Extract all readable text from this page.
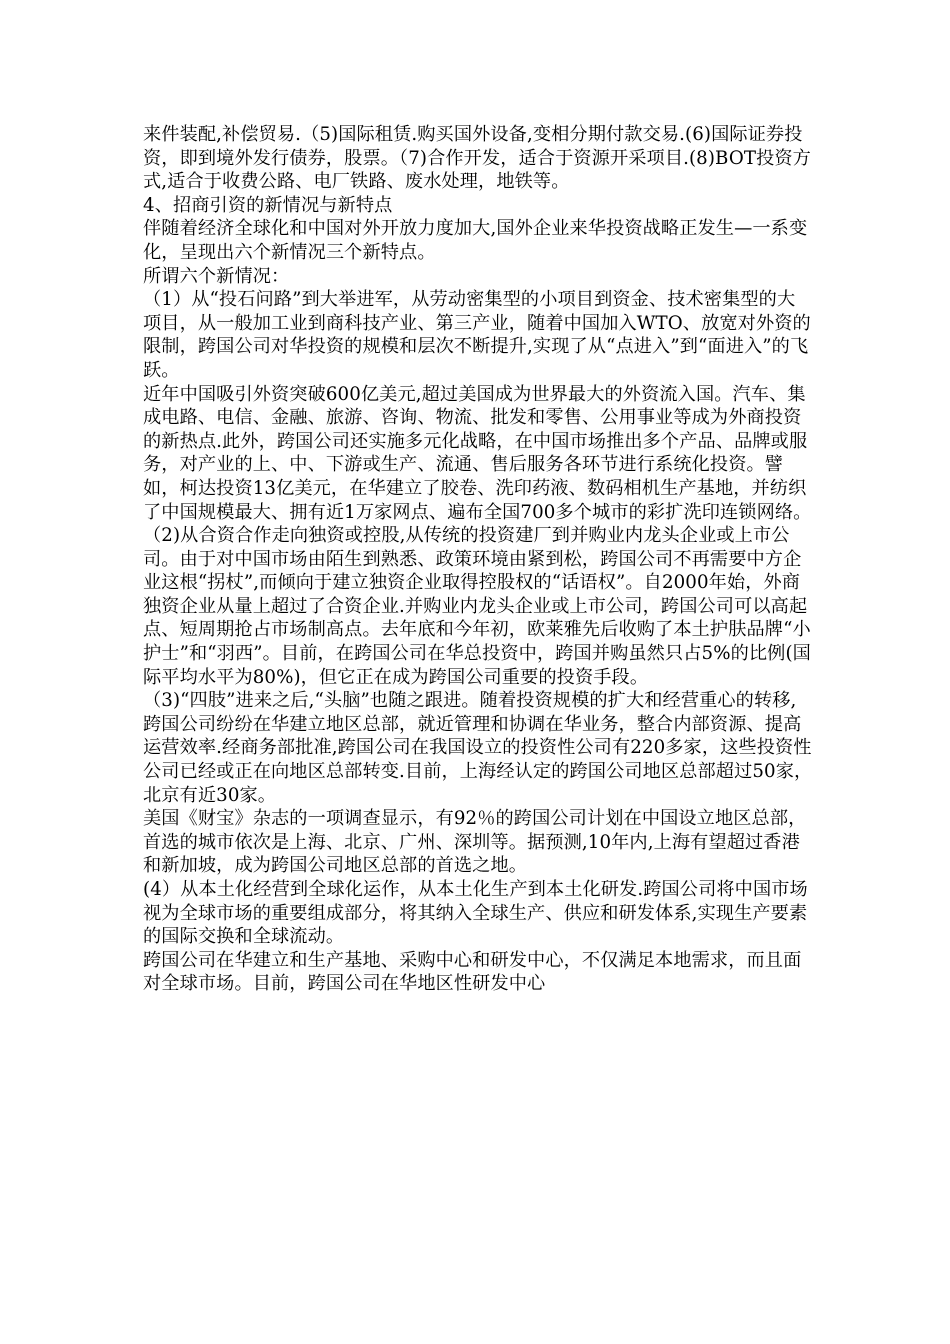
来件装配,补偿贸易.（5)国际租赁.购买国外设备,变相分期付款交易.(6)国际证券投资，即到境外发行债券，股票。（7)合作开发，适合于资源开采项目.(8)BOT投资方式,适合于收费公路、电厂铁路、废水处理，地铁等。

4、招商引资的新情况与新特点

伴随着经济全球化和中国对外开放力度加大,国外企业来华投资战略正发生—一系变化，呈现出六个新情况三个新特点。

所谓六个新情况：

（1）从“投石问路”到大举进军，从劳动密集型的小项目到资金、技术密集型的大项目，从一般加工业到商科技产业、第三产业，随着中国加入WTO、放宽对外资的限制，跨国公司对华投资的规模和层次不断提升,实现了从“点进入”到“面进入”的飞跃。

近年中国吸引外资突破600亿美元,超过美国成为世界最大的外资流入国。汽车、集成电路、电信、金融、旅游、咨询、物流、批发和零售、公用事业等成为外商投资的新热点.此外，跨国公司还实施多元化战略，在中国市场推出多个产品、品牌或服务，对产业的上、中、下游或生产、流通、售后服务各环节进行系统化投资。譬如，柯达投资13亿美元，在华建立了胶卷、洗印药液、数码相机生产基地，并纺织了中国规模最大、拥有近1万家网点、遍布全国700多个城市的彩扩洗印连锁网络。

（2)从合资合作走向独资或控股,从传统的投资建厂到并购业内龙头企业或上市公司。由于对中国市场由陌生到熟悉、政策环境由紧到松，跨国公司不再需要中方企业这根“拐杖”,而倾向于建立独资企业取得控股权的“话语权”。自2000年始，外商独资企业从量上超过了合资企业.并购业内龙头企业或上市公司，跨国公司可以高起点、短周期抢占市场制高点。去年底和今年初，欧莱雅先后收购了本土护肤品牌“小护士”和“羽西”。目前，在跨国公司在华总投资中，跨国并购虽然只占5%的比例(国际平均水平为80%)，但它正在成为跨国公司重要的投资手段。

（3)“四肢”进来之后,“头脑”也随之跟进。随着投资规模的扩大和经营重心的转移,跨国公司纷纷在华建立地区总部，就近管理和协调在华业务，整合内部资源、提高运营效率.经商务部批准,跨国公司在我国设立的投资性公司有220多家，这些投资性公司已经或正在向地区总部转变.目前，上海经认定的跨国公司地区总部超过50家，北京有近30家。

美国《财宝》杂志的一项调查显示，有92％的跨国公司计划在中国设立地区总部，首选的城市依次是上海、北京、广州、深圳等。据预测,10年内,上海有望超过香港和新加坡，成为跨国公司地区总部的首选之地。

(4）从本土化经营到全球化运作，从本土化生产到本土化研发.跨国公司将中国市场视为全球市场的重要组成部分，将其纳入全球生产、供应和研发体系,实现生产要素的国际交换和全球流动。

跨国公司在华建立和生产基地、采购中心和研发中心，不仅满足本地需求，而且面对全球市场。目前，跨国公司在华地区性研发中心
